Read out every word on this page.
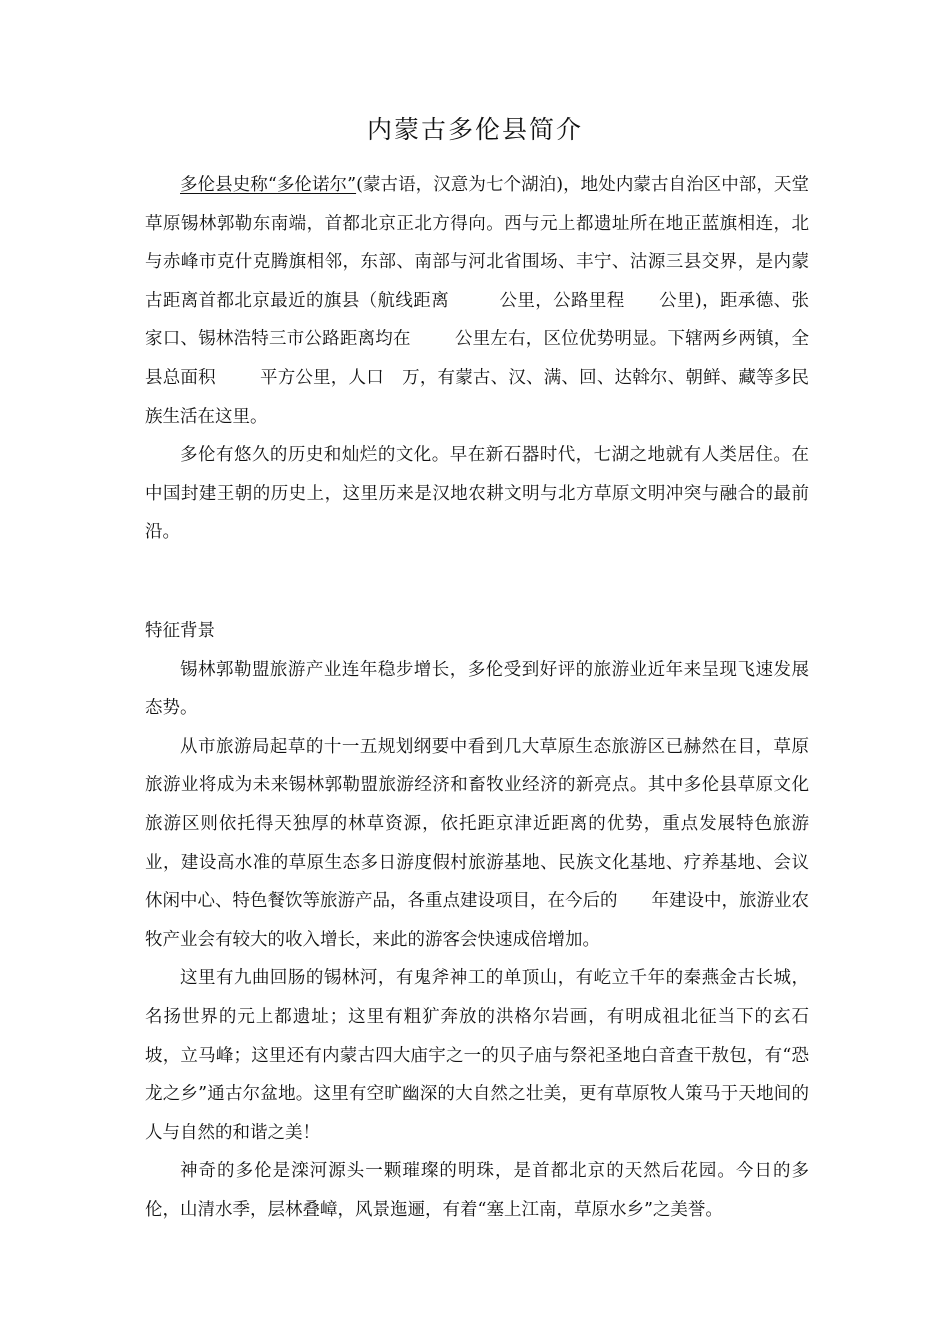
内蒙古多伦县简介

多伦县史称“多伦诺尔”(蒙古语，汉意为七个湖泊)，地处内蒙古自治区中部，天堂草原锡林郭勒东南端，首都北京正北方得向。西与元上都遗址所在地正蓝旗相连，北与赤峰市克什克腾旗相邻，东部、南部与河北省围场、丰宁、沽源三县交界，是内蒙古距离首都北京最近的旗县（航线距离	公里，公路里程 公里)，距承德、张家口、锡林浩特三市公路距离均在	公里左右，区位优势明显。下辖两乡两镇，全县总面积	平方公里，人口 万，有蒙古、汉、满、回、达斡尔、朝鲜、藏等多民族生活在这里。

多伦有悠久的历史和灿烂的文化。早在新石器时代，七湖之地就有人类居住。在中国封建王朝的历史上，这里历来是汉地农耕文明与北方草原文明冲突与融合的最前沿。

特征背景

锡林郭勒盟旅游产业连年稳步增长，多伦受到好评的旅游业近年来呈现飞速发展态势。

从市旅游局起草的十一五规划纲要中看到几大草原生态旅游区已赫然在目，草原旅游业将成为未来锡林郭勒盟旅游经济和畜牧业经济的新亮点。其中多伦县草原文化旅游区则依托得天独厚的林草资源，依托距京津近距离的优势，重点发展特色旅游业，建设高水准的草原生态多日游度假村旅游基地、民族文化基地、疗养基地、会议休闲中心、特色餐饮等旅游产品，各重点建设项目，在今后的 年建设中，旅游业农牧产业会有较大的收入增长，来此的游客会快速成倍增加。

这里有九曲回肠的锡林河，有鬼斧神工的单顶山，有屹立千年的秦燕金古长城，名扬世界的元上都遗址；这里有粗犷奔放的洪格尔岩画，有明成祖北征当下的玄石坡，立马峰；这里还有内蒙古四大庙宇之一的贝子庙与祭祀圣地白音查干敖包，有“恐龙之乡”通古尔盆地。这里有空旷幽深的大自然之壮美，更有草原牧人策马于天地间的人与自然的和谐之美！

神奇的多伦是滦河源头一颗璀璨的明珠，是首都北京的天然后花园。今日的多伦，山清水季，层林叠嶂，风景迤逦，有着“塞上江南，草原水乡”之美誉。
